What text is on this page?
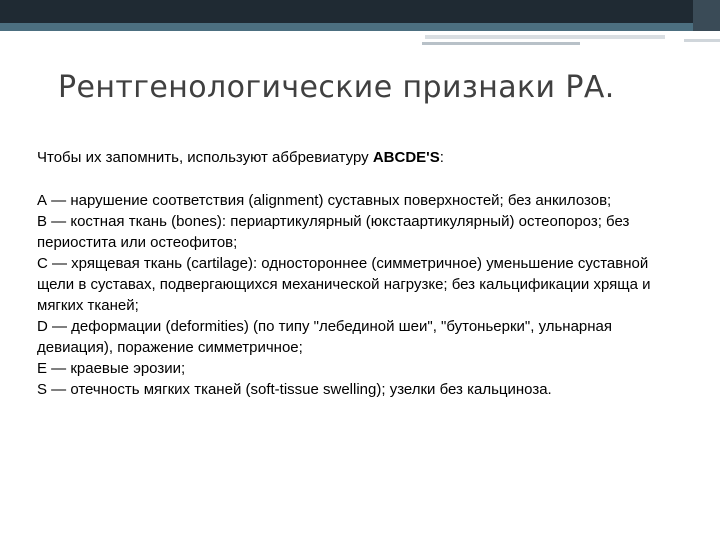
Рентгенологические признаки РА.

Чтобы их запомнить, используют аббревиатуру ABCDE'S:

А — нарушение соответствия (alignment) суставных поверхностей; без анкилозов;
В — костная ткань (bones): периартикулярный (юкстаартикулярный) остеопороз; без периостита или остеофитов;
С — хрящевая ткань (cartilage): одностороннее (симметричное) уменьшение суставной щели в суставах, подвергающихся механической нагрузке; без кальцификации хряща и мягких тканей;
D — деформации (deformities) (по типу "лебединой шеи", "бутоньерки", ульнарная девиация), поражение симметричное;
Е — краевые эрозии;
S — отечность мягких тканей (soft-tissue swelling); узелки без кальциноза.
